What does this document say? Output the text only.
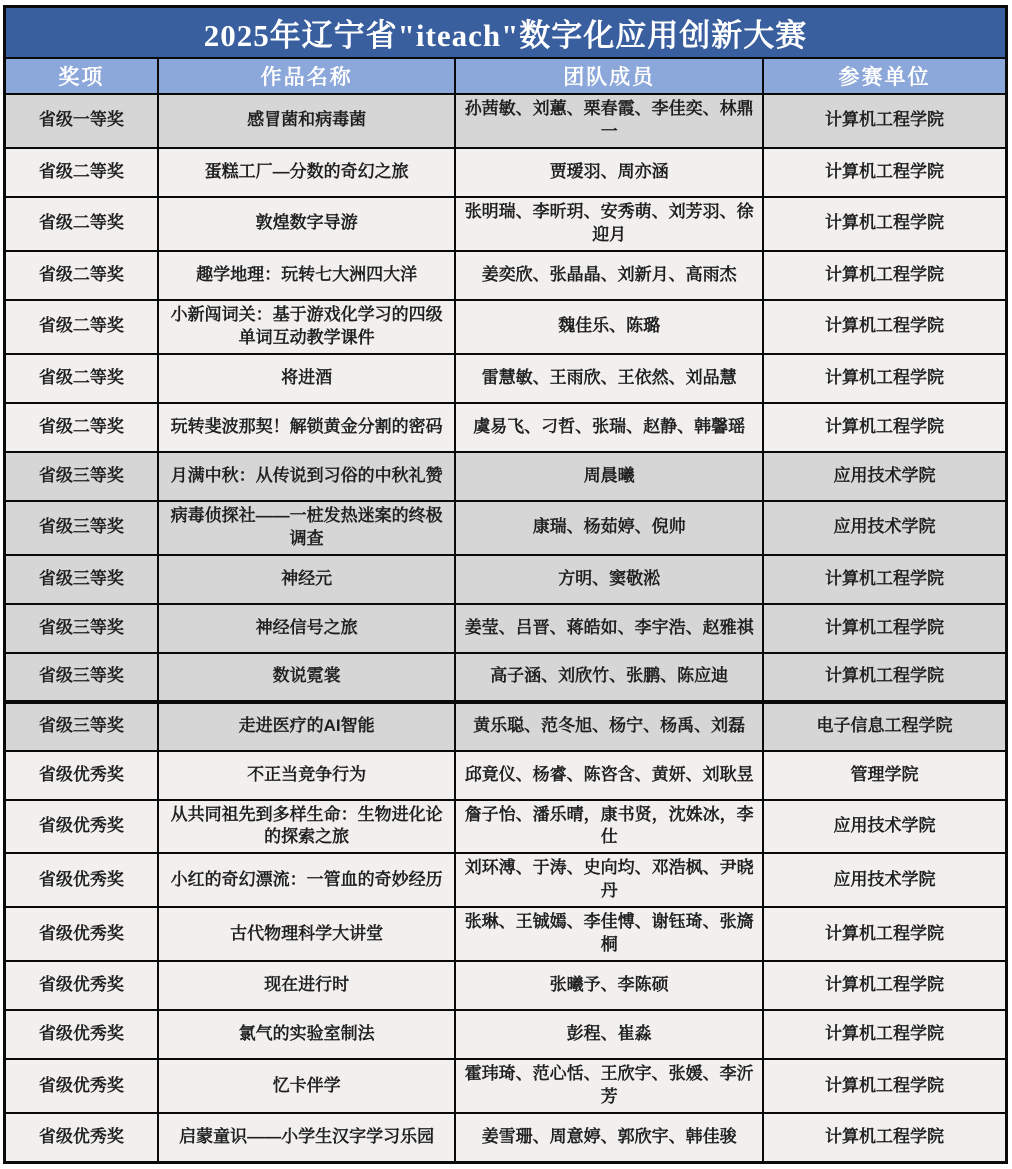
2025年辽宁省"iteach"数字化应用创新大赛			
奖项	作品名称	团队成员	参赛单位
省级一等奖	感冒菌和病毒菌	孙茜敏、刘蕙、栗春霞、李佳奕、林鼎一	计算机工程学院
省级二等奖	蛋糕工厂—分数的奇幻之旅	贾瑷羽、周亦涵	计算机工程学院
省级二等奖	敦煌数字导游	张明瑞、李昕玥、安秀萌、刘芳羽、徐迎月	计算机工程学院
省级二等奖	趣学地理：玩转七大洲四大洋	姜奕欣、张晶晶、刘新月、高雨杰	计算机工程学院
省级二等奖	小新闯词关：基于游戏化学习的四级单词互动教学课件	魏佳乐、陈璐	计算机工程学院
省级二等奖	将进酒	雷慧敏、王雨欣、王依然、刘品慧	计算机工程学院
省级二等奖	玩转斐波那契！解锁黄金分割的密码	虞易飞、刁哲、张瑞、赵静、韩馨瑶	计算机工程学院
省级三等奖	月满中秋：从传说到习俗的中秋礼赞	周晨曦	应用技术学院
省级三等奖	病毒侦探社——一桩发热迷案的终极调查	康瑞、杨茹婷、倪帅	应用技术学院
省级三等奖	神经元	方明、窦敬淞	计算机工程学院
省级三等奖	神经信号之旅	姜莹、吕晋、蒋皓如、李宇浩、赵雅祺	计算机工程学院
省级三等奖	数说霓裳	高子涵、刘欣竹、张鹏、陈应迪	计算机工程学院
省级三等奖	走进医疗的AI智能	黄乐聪、范冬旭、杨宁、杨禹、刘磊	电子信息工程学院
省级优秀奖	不正当竞争行为	邱竟仪、杨睿、陈咨含、黄妍、刘耿昱	管理学院
省级优秀奖	从共同祖先到多样生命：生物进化论的探索之旅	詹子怡、潘乐晴，康书贤，沈姝冰，李仕	应用技术学院
省级优秀奖	小红的奇幻漂流：一管血的奇妙经历	刘环溥、于涛、史向均、邓浩枫、尹晓丹	应用技术学院
省级优秀奖	古代物理科学大讲堂	张琳、王铖嫣、李佳愽、谢钰琦、张旖桐	计算机工程学院
省级优秀奖	现在进行时	张曦予、李陈硕	计算机工程学院
省级优秀奖	氯气的实验室制法	彭程、崔淼	计算机工程学院
省级优秀奖	忆卡伴学	霍玮琦、范心恬、王欣宇、张媛、李沂芳	计算机工程学院
省级优秀奖	启蒙童识——小学生汉字学习乐园	姜雪珊、周意婷、郭欣宇、韩佳骏	计算机工程学院
